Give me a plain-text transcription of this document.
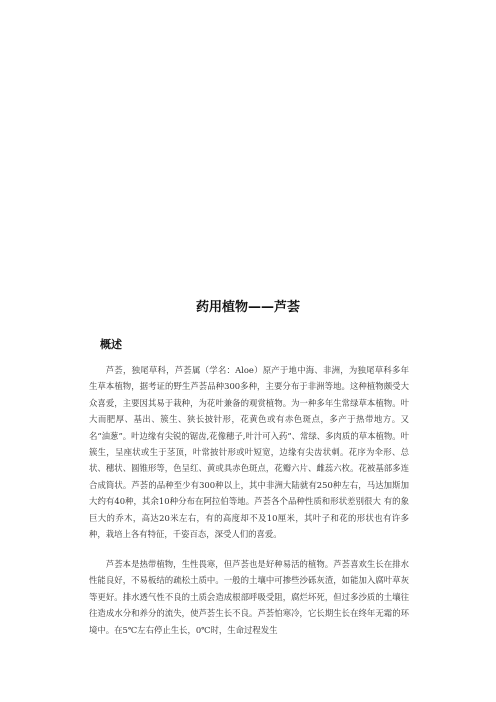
药用植物——芦荟
概述

芦荟，独尾草科，芦荟属（学名：Aloe）原产于地中海、非洲，为独尾草科多年生草本植物，据考证的野生芦荟品种300多种，主要分布于非洲等地。这种植物颇受大众喜爱，主要因其易于栽种，为花叶兼备的观赏植物。为一种多年生常绿草本植物。叶大而肥厚、基出、簇生、狭长披针形，花黄色或有赤色斑点，多产于热带地方。又名“油葱”。叶边缘有尖锐的锯齿,花像穗子,叶汁可入药”、常绿、多肉质的草本植物。叶簇生，呈座状或生于茎顶，叶常披针形或叶短宽，边缘有尖齿状刺。花序为伞形、总状、穗状、圆锥形等，色呈红、黄或具赤色斑点，花瓣六片、雌蕊六枚。花被基部多连合成筒状。芦荟的品种至少有300种以上，其中非洲大陆就有250种左右，马达加斯加大约有40种，其余10种分布在阿拉伯等地。芦荟各个品种性质和形状差别很大 有的象巨大的乔木，高达20米左右，有的高度却不及10厘米，其叶子和花的形状也有许多种，栽培上各有特征，千姿百态，深受人们的喜爱。

芦荟本是热带植物，生性畏寒，但芦荟也是好种易活的植物。芦荟喜欢生长在排水性能良好，不易板结的疏松土质中。一般的土壤中可掺些沙砾灰渣，如能加入腐叶草灰等更好。排水透气性不良的土质会造成根部呼吸受阻，腐烂坏死，但过多沙质的土壤往往造成水分和养分的流失，使芦荟生长不良。芦荟怕寒冷，它长期生长在终年无霜的环境中。在5℃左右停止生长，0℃时，生命过程发生
